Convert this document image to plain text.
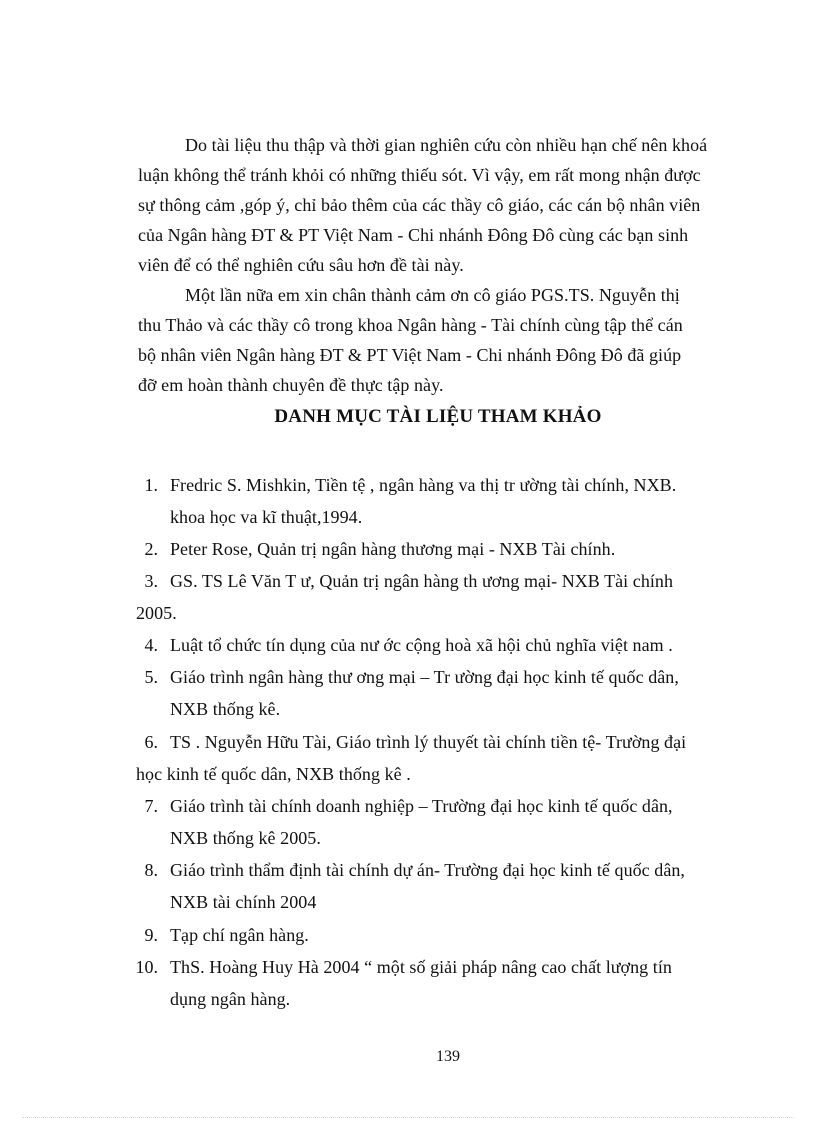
Do tài liệu thu thập và thời gian nghiên cứu còn nhiều hạn chế nên khoá
luận không thể tránh khỏi có những thiếu sót. Vì vậy, em rất mong nhận được
sự thông cảm ,góp ý, chỉ bảo thêm của các thầy cô giáo, các cán bộ nhân viên
của Ngân hàng ĐT & PT Việt Nam - Chi nhánh Đông Đô cùng các bạn sinh
viên để có thể nghiên cứu sâu hơn đề tài này.
Một lần nữa em xin chân thành cảm ơn cô giáo PGS.TS. Nguyễn thị
thu Thảo và các thầy cô trong khoa Ngân hàng - Tài chính cùng tập thể cán
bộ nhân viên Ngân hàng ĐT & PT Việt Nam - Chi nhánh Đông Đô đã giúp
đỡ em hoàn thành chuyên đề thực tập này.
DANH MỤC TÀI LIỆU THAM KHẢO
1. Fredric S. Mishkin, Tiền tệ , ngân hàng va thị tr ường tài chính, NXB.
khoa học va kĩ thuật,1994.
2. Peter Rose, Quản trị ngân hàng thương mại - NXB Tài chính.
3. GS. TS Lê Văn T ư, Quản trị ngân hàng th ương mại- NXB Tài chính
2005.
4. Luật tổ chức tín dụng của nư ớc cộng hoà xã hội chủ nghĩa việt nam .
5. Giáo trình ngân hàng thư ơng mại – Tr ường đại học kinh tế quốc dân,
NXB thống kê.
6. TS . Nguyễn Hữu Tài, Giáo trình lý thuyết tài chính tiền tệ- Trường đại
học kinh tế quốc dân, NXB thống kê .
7. Giáo trình tài chính doanh nghiệp – Trường đại học kinh tế quốc dân,
NXB thống kê 2005.
8. Giáo trình thẩm định tài chính dự án- Trường đại học kinh tế quốc dân,
NXB tài chính 2004
9. Tạp chí ngân hàng.
10. ThS. Hoàng Huy Hà 2004 “ một số giải pháp nâng cao chất lượng tín
dụng ngân hàng.
139
